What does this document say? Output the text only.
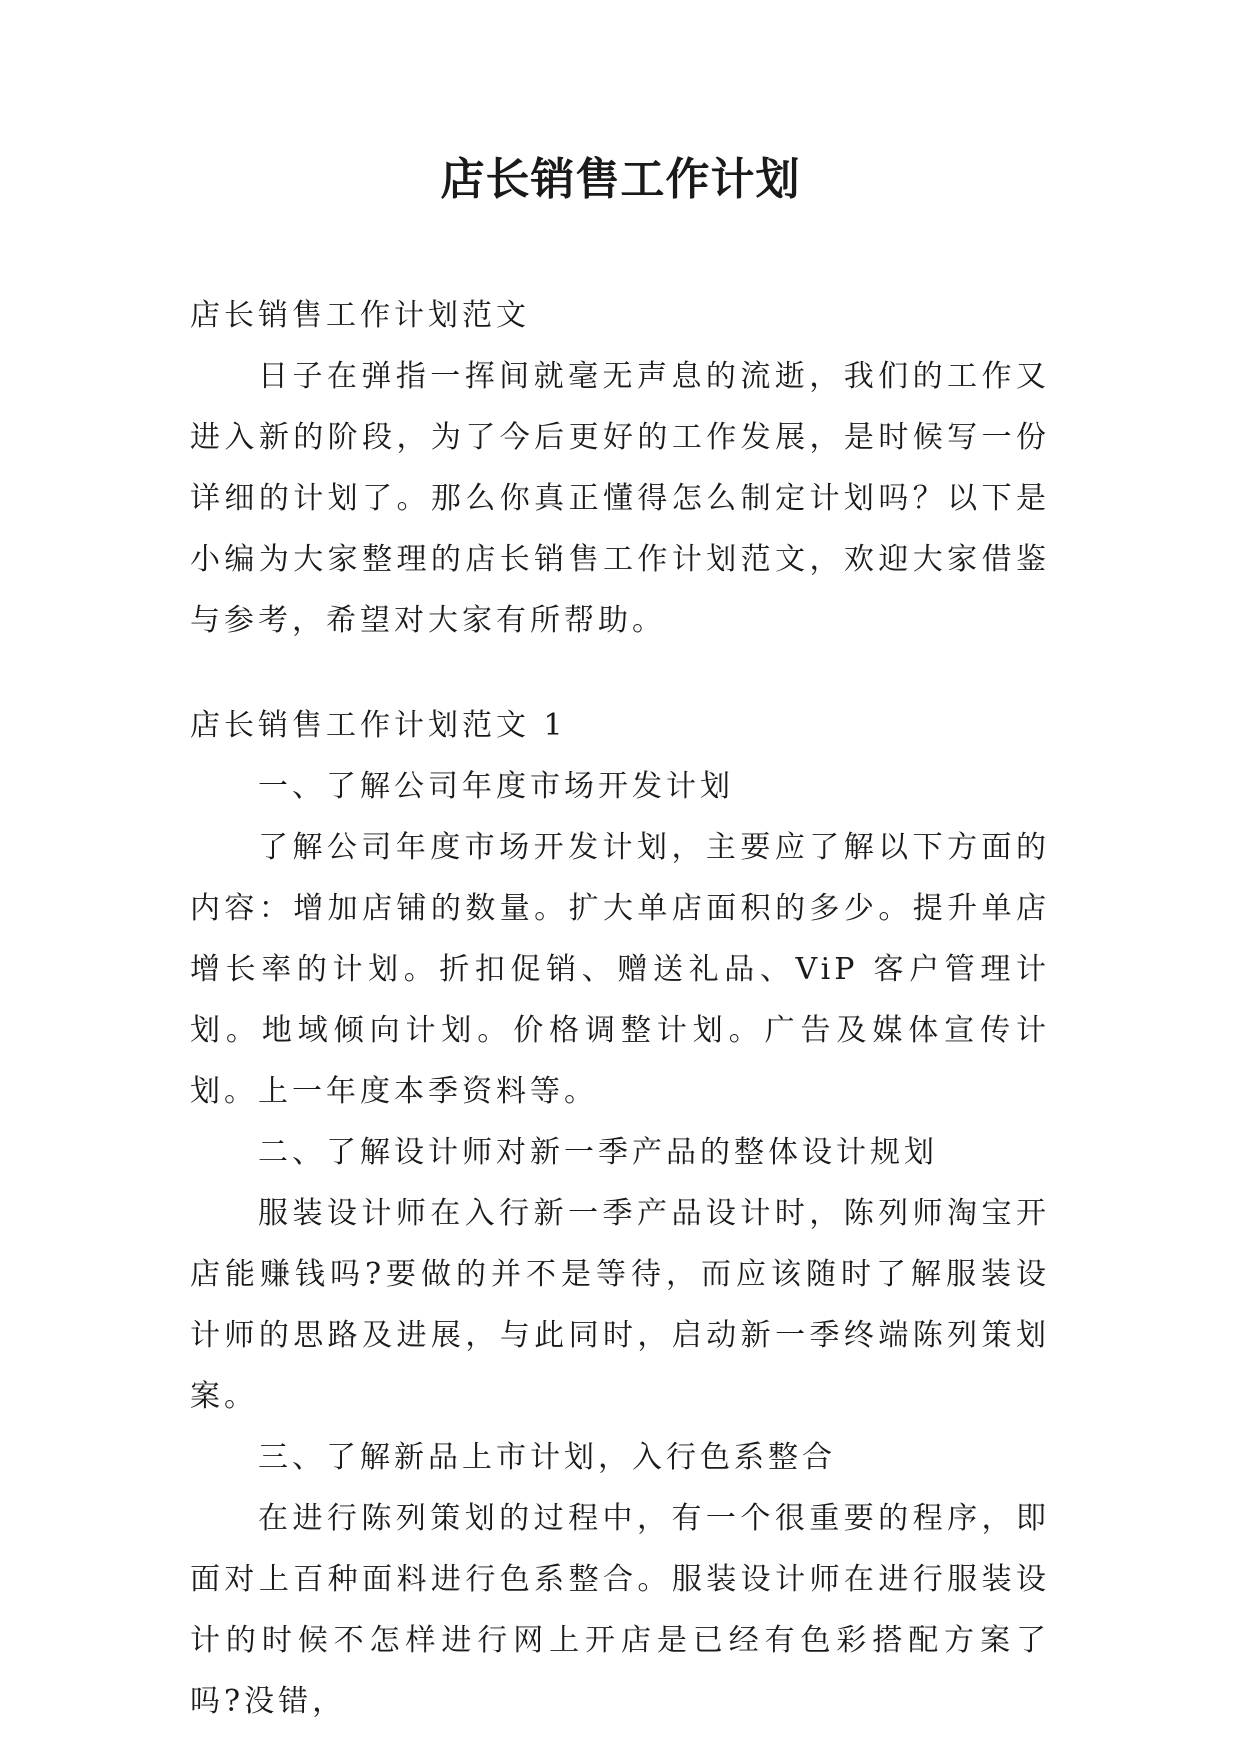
店长销售工作计划

店长销售工作计划范文

日子在弹指一挥间就毫无声息的流逝，我们的工作又进入新的阶段，为了今后更好的工作发展，是时候写一份详细的计划了。那么你真正懂得怎么制定计划吗？以下是小编为大家整理的店长销售工作计划范文，欢迎大家借鉴与参考，希望对大家有所帮助。

店长销售工作计划范文 1

一、了解公司年度市场开发计划

了解公司年度市场开发计划，主要应了解以下方面的内容：增加店铺的数量。扩大单店面积的多少。提升单店增长率的计划。折扣促销、赠送礼品、ViP 客户管理计划。地域倾向计划。价格调整计划。广告及媒体宣传计划。上一年度本季资料等。

二、了解设计师对新一季产品的整体设计规划

服装设计师在入行新一季产品设计时，陈列师淘宝开店能赚钱吗?要做的并不是等待，而应该随时了解服装设计师的思路及进展，与此同时，启动新一季终端陈列策划案。

三、了解新品上市计划，入行色系整合

在进行陈列策划的过程中，有一个很重要的程序，即面对上百种面料进行色系整合。服装设计师在进行服装设计的时候不怎样进行网上开店是已经有色彩搭配方案了吗?没错，
